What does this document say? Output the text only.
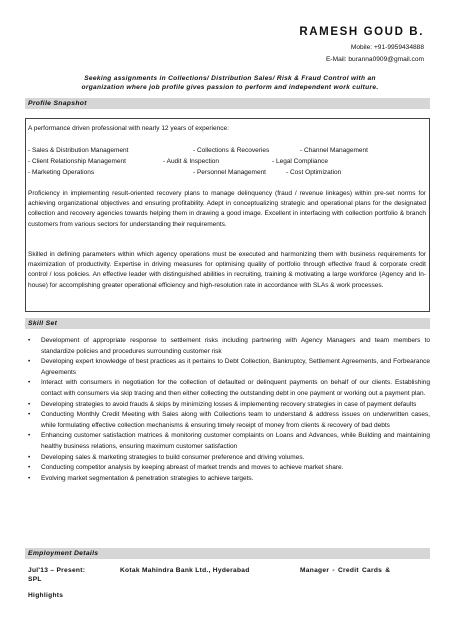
RAMESH GOUD B.
Mobile: +91-9959434888
E-Mail: buranna0909@gmail.com
Seeking assignments in Collections/ Distribution Sales/ Risk & Fraud Control with an
organization where job profile gives passion to perform and independent work culture.
Profile Snapshot
A performance driven professional with nearly 12 years of experience:
- Sales & Distribution Management	- Collections & Recoveries	- Channel Management
- Client Relationship Management	- Audit & Inspection	- Legal Compliance
- Marketing Operations	- Personnel Management	- Cost Optimization
Proficiency in implementing result-oriented recovery plans to manage delinquency (fraud / revenue linkages) within pre-set norms for achieving organizational objectives and ensuring profitability. Adept in conceptualizing strategic and operational plans for the designated collection and recovery agencies towards helping them in drawing a good image. Excellent in interfacing with collection portfolio & branch customers from various sectors for understanding their requirements.
Skilled in defining parameters within which agency operations must be executed and harmonizing them with business requirements for maximization of productivity. Expertise in driving measures for optimising quality of portfolio through effective fraud & corporate credit control / loss policies. An effective leader with distinguished abilities in recruiting, training & motivating a large workforce (Agency and In-house) for accomplishing greater operational efficiency and high-resolution rate in accordance with SLAs & work processes.
Skill Set
• Development of appropriate response to settlement risks including partnering with Agency Managers and team members to standardize policies and procedures surrounding customer risk
• Developing expert knowledge of best practices as it pertains to Debt Collection, Bankruptcy, Settlement Agreements, and Forbearance Agreements
• Interact with consumers in negotiation for the collection of defaulted or delinquent payments on behalf of our clients. Establishing contact with consumers via skip tracing and then either collecting the outstanding debt in one payment or working out a payment plan.
• Developing strategies to avoid frauds & skips by minimizing losses & implementing recovery strategies in case of payment defaults
• Conducting Monthly Credit Meeting with Sales along with Collections team to understand & address issues on underwritten cases, while formulating effective collection mechanisms & ensuring timely receipt of money from clients & recovery of bad debts
• Enhancing customer satisfaction matrices & monitoring customer complaints on Loans and Advances, while Building and maintaining healthy business relations, ensuring maximum customer satisfaction
• Developing sales & marketing strategies to build consumer preference and driving volumes.
• Conducting competitor analysis by keeping abreast of market trends and moves to achieve market share.
• Evolving market segmentation & penetration strategies to achieve targets.
Employment Details
Jul'13 – Present:	Kotak Mahindra Bank Ltd., Hyderabad	Manager - Credit Cards &
SPL
Highlights
